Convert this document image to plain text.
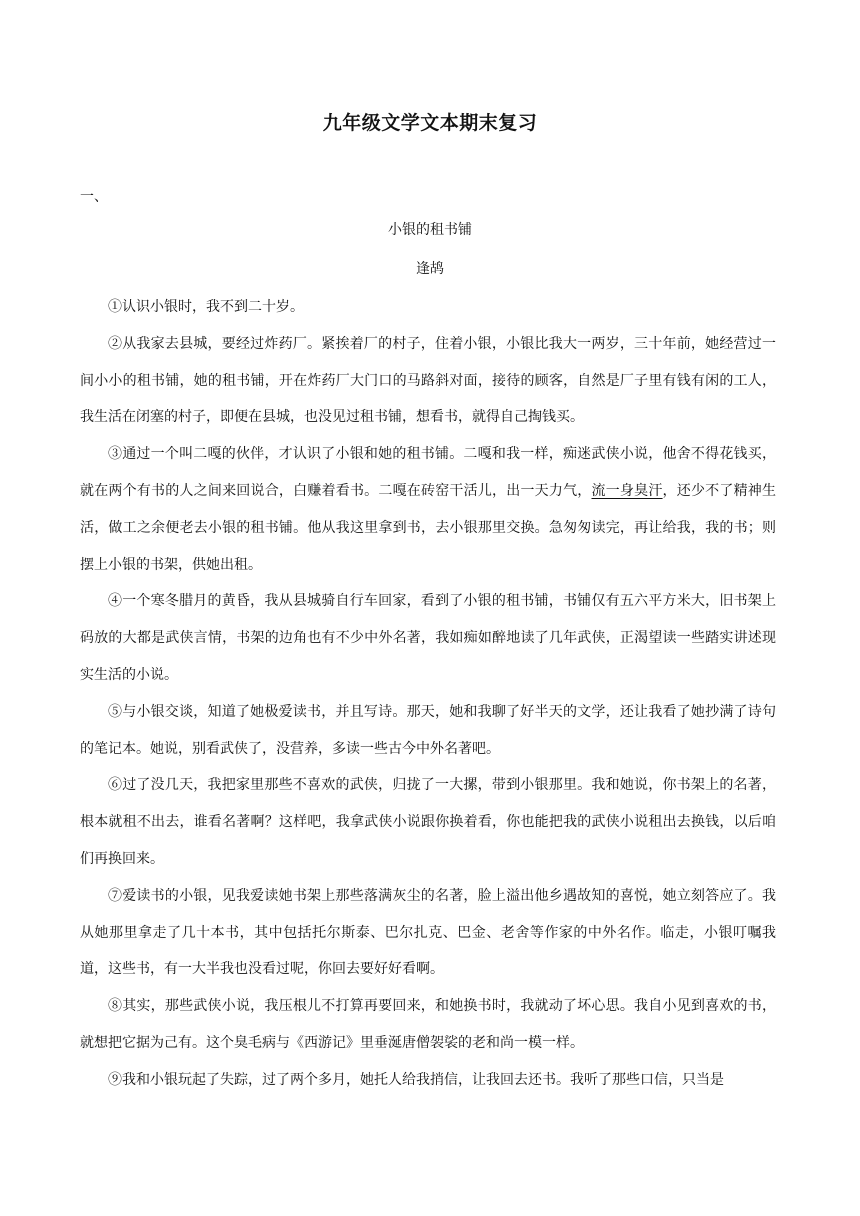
九年级文学文本期末复习
一、
小银的租书铺
逢鸪

①认识小银时，我不到二十岁。

②从我家去县城，要经过炸药厂。紧挨着厂的村子，住着小银，小银比我大一两岁，三十年前，她经营过一间小小的租书铺，她的租书铺，开在炸药厂大门口的马路斜对面，接待的顾客，自然是厂子里有钱有闲的工人，我生活在闭塞的村子，即便在县城，也没见过租书铺，想看书，就得自己掏钱买。

③通过一个叫二嘎的伙伴，才认识了小银和她的租书铺。二嘎和我一样，痴迷武侠小说，他舍不得花钱买，就在两个有书的人之间来回说合，白赚着看书。二嘎在砖窑干活儿，出一天力气，流一身臭汗，还少不了精神生活，做工之余便老去小银的租书铺。他从我这里拿到书，去小银那里交换。急匆匆读完，再让给我，我的书；则摆上小银的书架，供她出租。

④一个寒冬腊月的黄昏，我从县城骑自行车回家，看到了小银的租书铺，书铺仅有五六平方米大，旧书架上码放的大都是武侠言情，书架的边角也有不少中外名著，我如痴如醉地读了几年武侠，正渴望读一些踏实讲述现实生活的小说。

⑤与小银交谈，知道了她极爱读书，并且写诗。那天，她和我聊了好半天的文学，还让我看了她抄满了诗句的笔记本。她说，别看武侠了，没营养，多读一些古今中外名著吧。

⑥过了没几天，我把家里那些不喜欢的武侠，归拢了一大摞，带到小银那里。我和她说，你书架上的名著，根本就租不出去，谁看名著啊？这样吧，我拿武侠小说跟你换着看，你也能把我的武侠小说租出去换钱，以后咱们再换回来。

⑦爱读书的小银，见我爱读她书架上那些落满灰尘的名著，脸上溢出他乡遇故知的喜悦，她立刻答应了。我从她那里拿走了几十本书，其中包括托尔斯泰、巴尔扎克、巴金、老舍等作家的中外名作。临走，小银叮嘱我道，这些书，有一大半我也没看过呢，你回去要好好看啊。

⑧其实，那些武侠小说，我压根儿不打算再要回来，和她换书时，我就动了坏心思。我自小见到喜欢的书，就想把它据为己有。这个臭毛病与《西游记》里垂涎唐僧袈裟的老和尚一模一样。

⑨我和小银玩起了失踪，过了两个多月，她托人给我捎信，让我回去还书。我听了那些口信，只当是
